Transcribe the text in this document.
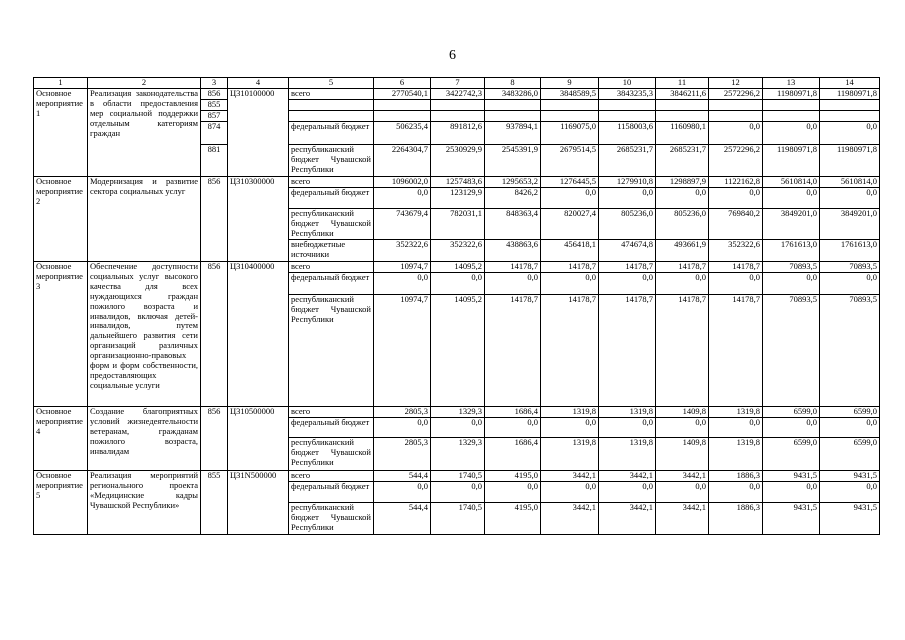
6
1	2	3	4	5	6	7	8	9	10	11	12	13	14
Основное мероприятие 1	Реализация законодательства в области предоставления мер социальной поддержки отдельным категориям граждан	856	Ц310100000	всего	2770540,1	3422742,3	3483286,0	3848589,5	3843235,3	3846211,6	2572296,2	11980971,8	11980971,8
		855											
		857											
		874		федеральный бюджет	506235,4	891812,6	937894,1	1169075,0	1158003,6	1160980,1	0,0	0,0	0,0
		881		республиканский бюджет Чувашской Республики	2264304,7	2530929,9	2545391,9	2679514,5	2685231,7	2685231,7	2572296,2	11980971,8	11980971,8
Основное мероприятие 2	Модернизация и развитие сектора социальных услуг	856	Ц310300000	всего	1096002,0	1257483,6	1295653,2	1276445,5	1279910,8	1298897,9	1122162,8	5610814,0	5610814,0
				федеральный бюджет	0,0	123129,9	8426,2	0,0	0,0	0,0	0,0	0,0	0,0
				республиканский бюджет Чувашской Республики	743679,4	782031,1	848363,4	820027,4	805236,0	805236,0	769840,2	3849201,0	3849201,0
				внебюджетные источники	352322,6	352322,6	438863,6	456418,1	474674,8	493661,9	352322,6	1761613,0	1761613,0
Основное мероприятие 3	Обеспечение доступности социальных услуг высокого качества для всех нуждающихся граждан пожилого возраста и инвалидов, включая детей-инвалидов, путем дальнейшего развития сети организаций различных организационно-правовых форм и форм собственности, предоставляющих социальные услуги	856	Ц310400000	всего	10974,7	14095,2	14178,7	14178,7	14178,7	14178,7	14178,7	70893,5	70893,5
				федеральный бюджет	0,0	0,0	0,0	0,0	0,0	0,0	0,0	0,0	0,0
				республиканский бюджет Чувашской Республики	10974,7	14095,2	14178,7	14178,7	14178,7	14178,7	14178,7	70893,5	70893,5
Основное мероприятие 4	Создание благоприятных условий жизнедеятельности ветеранам, гражданам пожилого возраста, инвалидам	856	Ц310500000	всего	2805,3	1329,3	1686,4	1319,8	1319,8	1409,8	1319,8	6599,0	6599,0
				федеральный бюджет	0,0	0,0	0,0	0,0	0,0	0,0	0,0	0,0	0,0
				республиканский бюджет Чувашской Республики	2805,3	1329,3	1686,4	1319,8	1319,8	1409,8	1319,8	6599,0	6599,0
Основное мероприятие 5	Реализация мероприятий регионального проекта «Медицинские кадры Чувашской Республики»	855	Ц31N500000	всего	544,4	1740,5	4195,0	3442,1	3442,1	3442,1	1886,3	9431,5	9431,5
				федеральный бюджет	0,0	0,0	0,0	0,0	0,0	0,0	0,0	0,0	0,0
				республиканский бюджет Чувашской Республики	544,4	1740,5	4195,0	3442,1	3442,1	3442,1	1886,3	9431,5	9431,5
